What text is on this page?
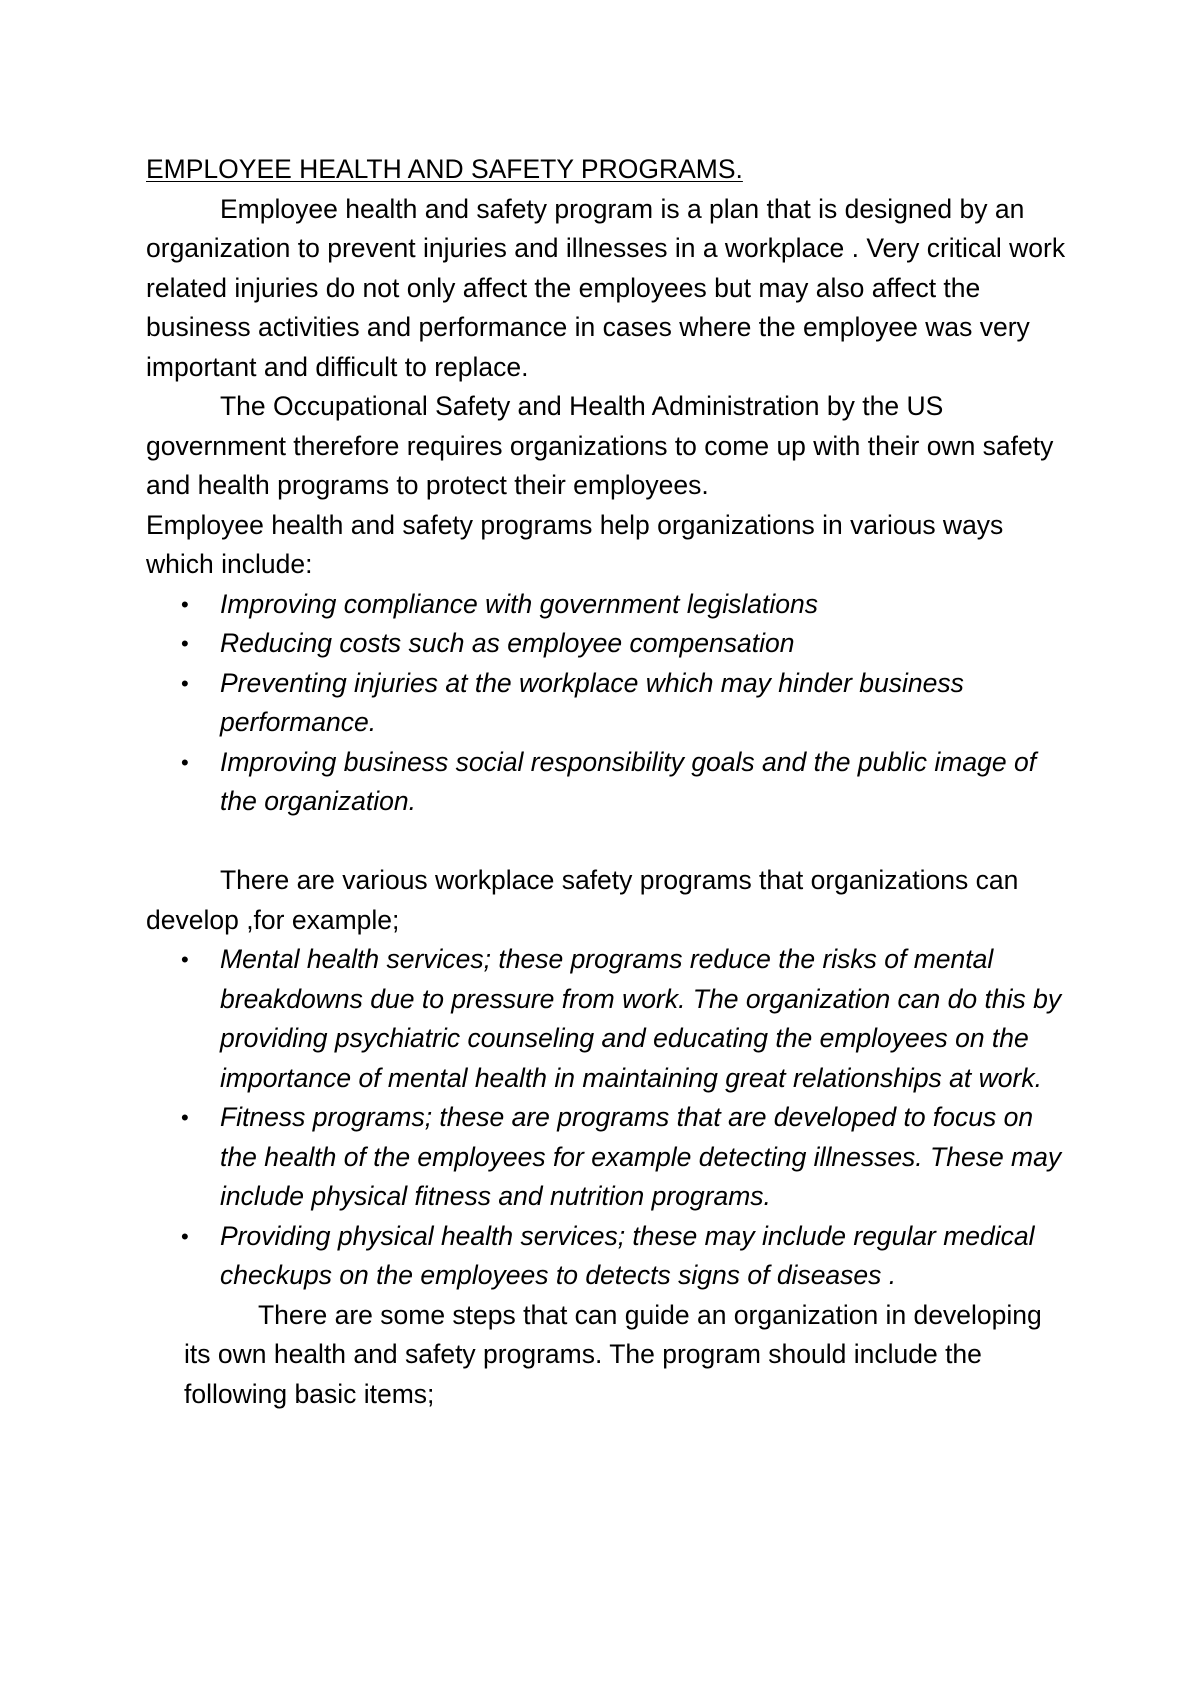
EMPLOYEE HEALTH AND SAFETY PROGRAMS.

Employee health and safety program is a plan that is designed by an organization to prevent injuries and illnesses in a workplace . Very critical work related injuries do not only affect the employees but may also affect the business activities and performance in cases where the employee was very important and difficult to replace.

The Occupational Safety and Health Administration by the US government therefore requires organizations to come up with their own safety and health programs to protect their employees.

Employee health and safety programs help organizations in various ways which include:

• Improving compliance with government legislations
• Reducing costs such as employee compensation
• Preventing injuries at the workplace which may hinder business performance.
• Improving business social responsibility goals and the public image of the organization.

There are various workplace safety programs that organizations can develop ,for example;

• Mental health services; these programs reduce the risks of mental breakdowns due to pressure from work. The organization can do this by providing psychiatric counseling and educating the employees on the importance of mental health in maintaining great relationships at work.
• Fitness programs; these are programs that are developed to focus on the health of the employees for example detecting illnesses. These may include physical fitness and nutrition programs.
• Providing physical health services; these may include regular medical checkups on the employees to detects signs of diseases .

There are some steps that can guide an organization in developing its own health and safety programs. The program should include the following basic items;
